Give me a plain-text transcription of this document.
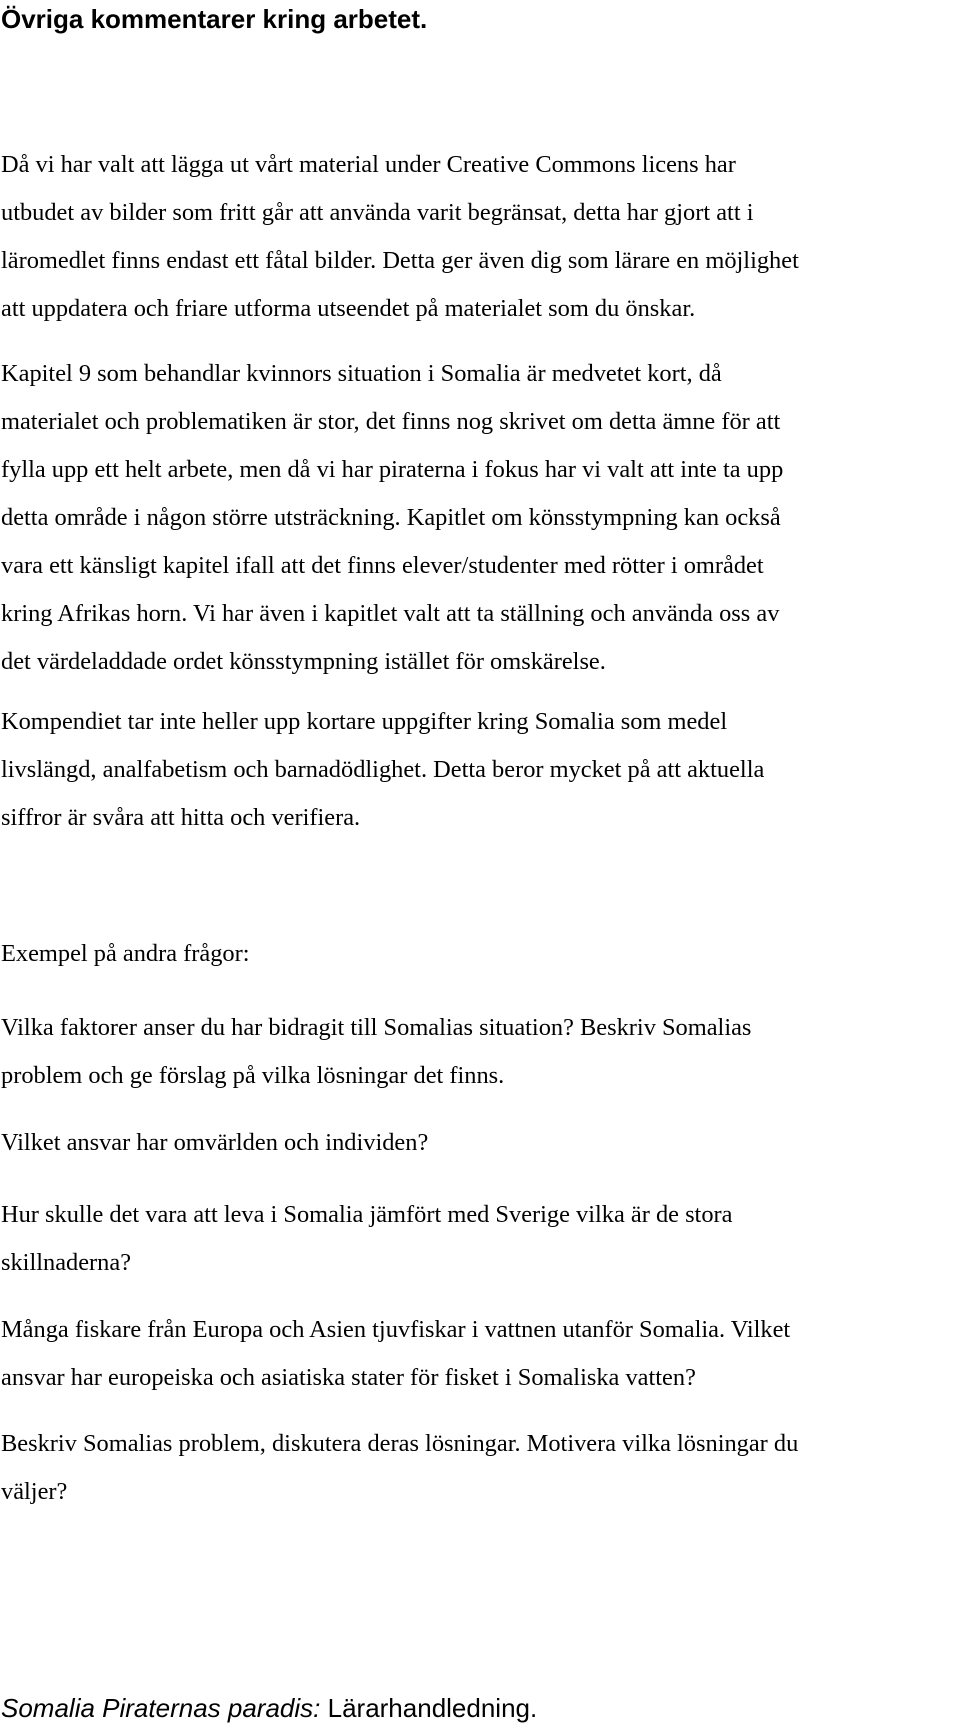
Övriga kommentarer kring arbetet.

Då vi har valt att lägga ut vårt material under Creative Commons licens har
utbudet av bilder som fritt går att använda varit begränsat, detta har gjort att i
läromedlet finns endast ett fåtal bilder. Detta ger även dig som lärare en möjlighet
att uppdatera och friare utforma utseendet på materialet som du önskar.

Kapitel 9 som behandlar kvinnors situation i Somalia är medvetet kort, då
materialet och problematiken är stor, det finns nog skrivet om detta ämne för att
fylla upp ett helt arbete, men då vi har piraterna i fokus har vi valt att inte ta upp
detta område i någon större utsträckning. Kapitlet om könsstympning kan också
vara ett känsligt kapitel ifall att det finns elever/studenter med rötter i området
kring Afrikas horn. Vi har även i kapitlet valt att ta ställning och använda oss av
det värdeladdade ordet könsstympning istället för omskärelse.

Kompendiet tar inte heller upp kortare uppgifter kring Somalia som medel
livslängd, analfabetism och barnadödlighet. Detta beror mycket på att aktuella
siffror är svåra att hitta och verifiera.

Exempel på andra frågor:

Vilka faktorer anser du har bidragit till Somalias situation? Beskriv Somalias
problem och ge förslag på vilka lösningar det finns.

Vilket ansvar har omvärlden och individen?

Hur skulle det vara att leva i Somalia jämfört med Sverige vilka är de stora
skillnaderna?

Många fiskare från Europa och Asien tjuvfiskar i vattnen utanför Somalia. Vilket
ansvar har europeiska och asiatiska stater för fisket i Somaliska vatten?

Beskriv Somalias problem, diskutera deras lösningar. Motivera vilka lösningar du
väljer?

Somalia Piraternas paradis: Lärarhandledning.
